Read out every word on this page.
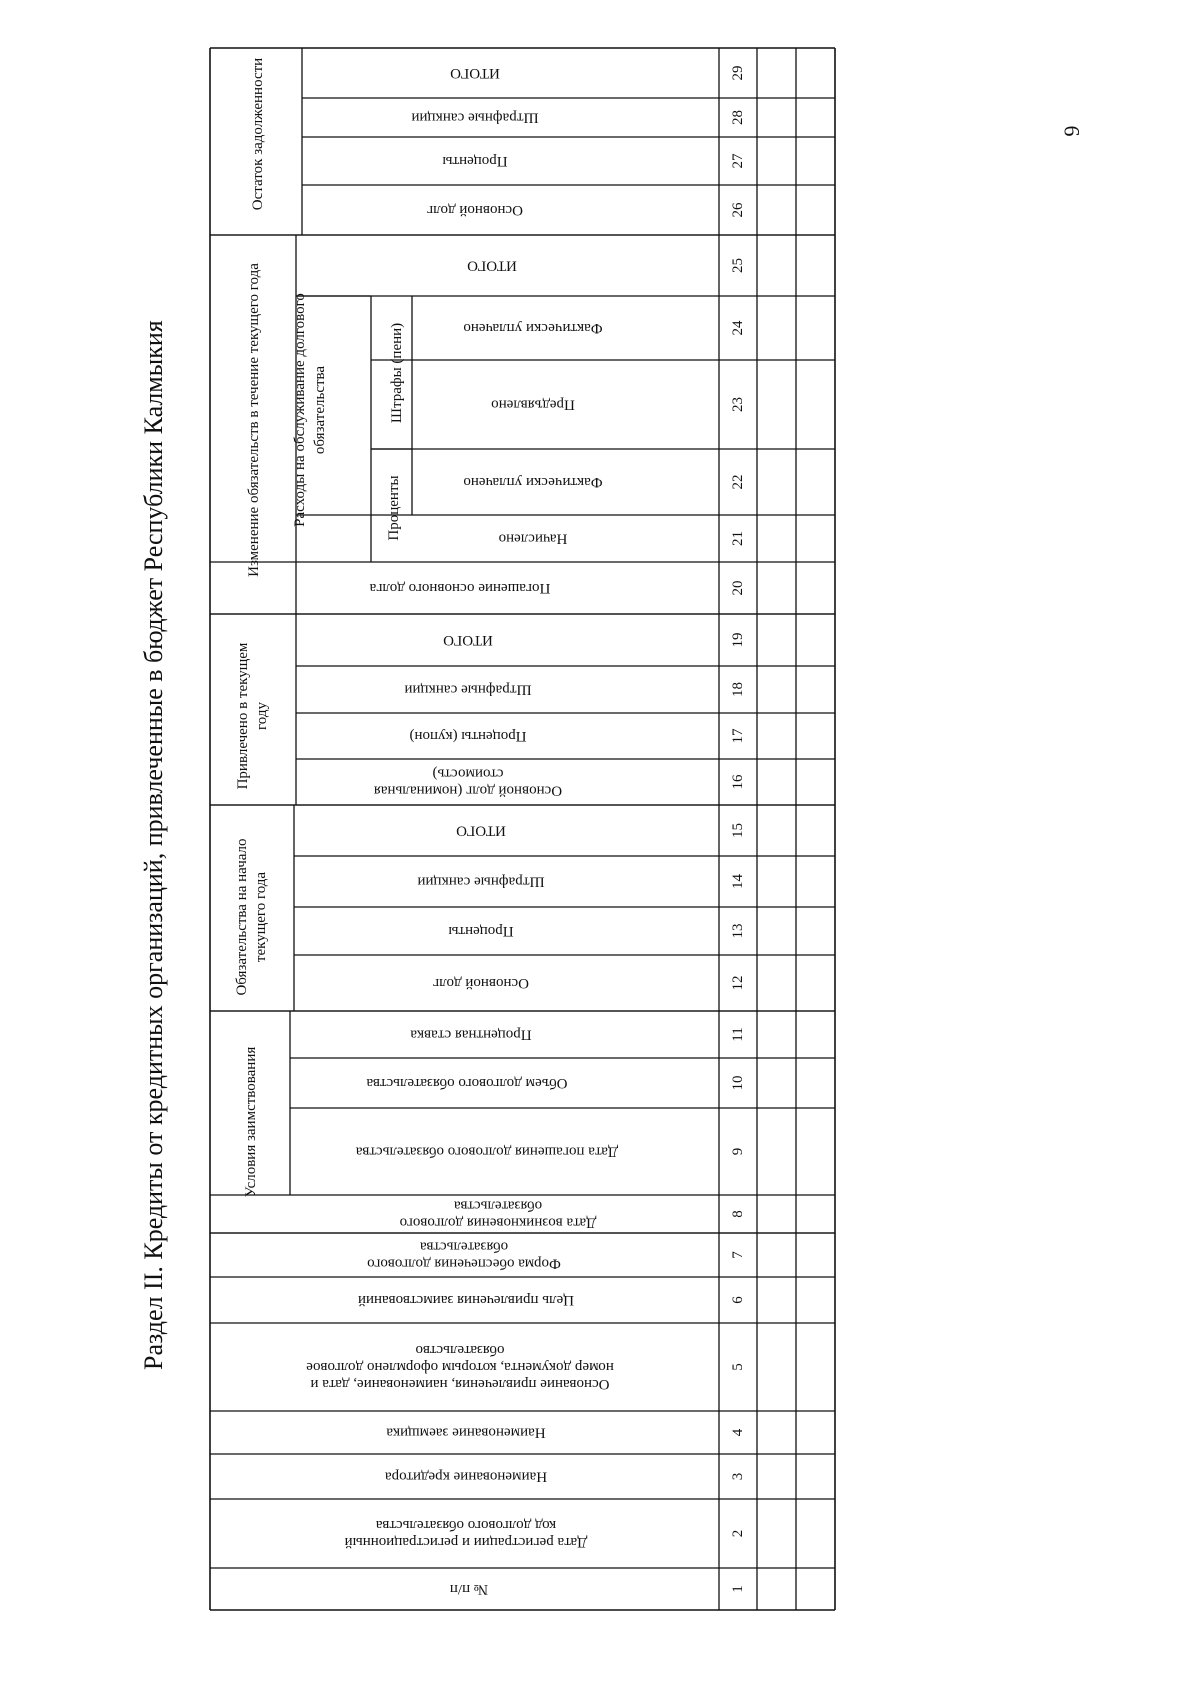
Раздел II. Кредиты от кредитных организаций, привлеченные в бюджет Республики Калмыкия
6
Условия заимствования
Обязательства на начало текущего года
Привлечено в текущем году
Изменение обязательств в течение текущего года Расходы на обслуживание долгового обязательства
Проценты
Штрафы (пени)
Остаток задолженности
№ п/п
Дата регистрации и регистрационныйкод долгового обязательства
Наименование кредитора
Наименование заемщика
Основание привлечения, наименование, дата иномер документа, которым оформлено долговоеобязательство
Цель привлечения заимствований
Форма обеспечения долговогообязательства
Дата возникновения долговогообязательства
Дата погашения долгового обязательства
Объем долгового обязательства
Процентная ставка
Основной долг
Проценты
Штрафные санкции
ИТОГО
Основной долг (номинальнаястоимость)
Проценты (купон)
Штрафные санкции
ИТОГО
Погашение основного долга
Начислено
Фактически уплачено
Предъявлено
Фактически уплачено
ИТОГО
Основной долг
Проценты
Штрафные санкции
ИТОГО
1
2
3
4
5
6
7
8
9
10
11
12
13
14
15
16
17
18
19
20
21
22
23
24
25
26
27
28
29
